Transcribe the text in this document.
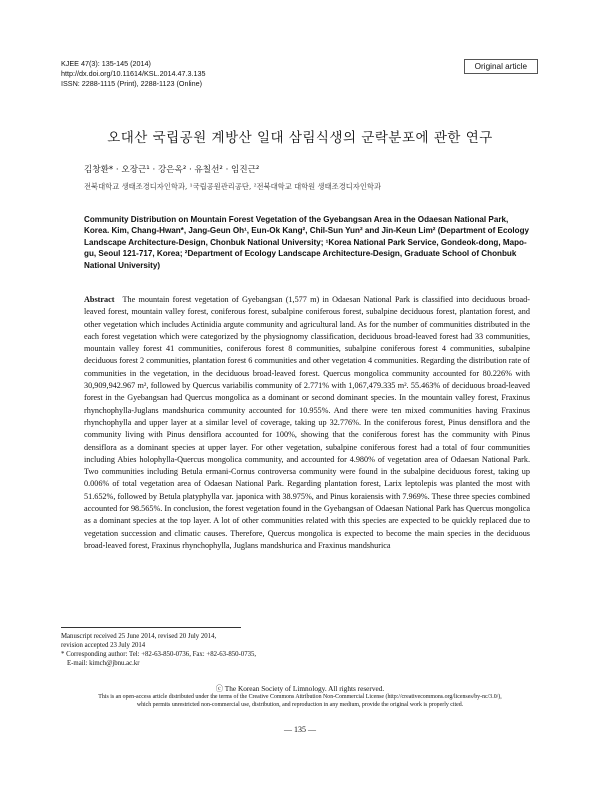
KJEE 47(3): 135-145 (2014)
http://dx.doi.org/10.11614/KSL.2014.47.3.135
ISSN: 2288-1115 (Print), 2288-1123 (Online)
Original article
오대산 국립공원 계방산 일대 삼림식생의 군락분포에 관한 연구
김창환* · 오장근¹ · 강은옥² · 유칠선² · 임진근²
전북대학교 생태조경디자인학과, ¹국립공원관리공단, ²전북대학교 대학원 생태조경디자인학과

Community Distribution on Mountain Forest Vegetation of the Gyebangsan Area in the Odaesan National Park, Korea. Kim, Chang-Hwan*, Jang-Geun Oh¹, Eun-Ok Kang², Chil-Sun Yun² and Jin-Keun Lim² (Department of Ecology Landscape Architecture-Design, Chonbuk National University; ¹Korea National Park Service, Gondeok-dong, Mapo-gu, Seoul 121-717, Korea; ²Department of Ecology Landscape Architecture-Design, Graduate School of Chonbuk National University)

Abstract The mountain forest vegetation of Gyebangsan (1,577 m) in Odaesan National Park is classified into deciduous broad-leaved forest, mountain valley forest, coniferous forest, subalpine coniferous forest, subalpine deciduous forest, plantation forest, and other vegetation which includes Actinidia argute community and agricultural land. As for the number of communities distributed in the each forest vegetation which were categorized by the physiognomy classification, deciduous broad-leaved forest had 33 communities, mountain valley forest 41 communities, coniferous forest 8 communities, subalpine coniferous forest 4 communities, subalpine deciduous forest 2 communities, plantation forest 6 communities and other vegetation 4 communities. Regarding the distribution rate of communities in the vegetation, in the deciduous broad-leaved forest. Quercus mongolica community accounted for 80.226% with 30,909,942.967 m², followed by Quercus variabilis community of 2.771% with 1,067,479.335 m². 55.463% of deciduous broad-leaved forest in the Gyebangsan had Quercus mongolica as a dominant or second dominant species. In the mountain valley forest, Fraxinus rhynchophylla-Juglans mandshurica community accounted for 10.955%. And there were ten mixed communities having Fraxinus rhynchophylla and upper layer at a similar level of coverage, taking up 32.776%. In the coniferous forest, Pinus densiflora and the community living with Pinus densiflora accounted for 100%, showing that the coniferous forest has the community with Pinus densiflora as a dominant species at upper layer. For other vegetation, subalpine coniferous forest had a total of four communities including Abies holophylla-Quercus mongolica community, and accounted for 4.980% of vegetation area of Odaesan National Park. Two communities including Betula ermani-Cornus controversa community were found in the subalpine deciduous forest, taking up 0.006% of total vegetation area of Odaesan National Park. Regarding plantation forest, Larix leptolepis was planted the most with 51.652%, followed by Betula platyphylla var. japonica with 38.975%, and Pinus koraiensis with 7.969%. These three species combined accounted for 98.565%. In conclusion, the forest vegetation found in the Gyebangsan of Odaesan National Park has Quercus mongolica as a dominant species at the top layer. A lot of other communities related with this species are expected to be quickly replaced due to vegetation succession and climatic causes. Therefore, Quercus mongolica is expected to become the main species in the deciduous broad-leaved forest, Fraxinus rhynchophylla, Juglans mandshurica and Fraxinus mandshurica

Manuscript received 25 June 2014, revised 20 July 2014,
revision accepted 23 July 2014
* Corresponding author: Tel: +82-63-850-0736, Fax: +82-63-850-0735,
E-mail: kimch@jbnu.ac.kr
ⓒ The Korean Society of Limnology. All rights reserved.

This is an open-access article distributed under the terms of the Creative Commons Attribution Non-Commercial License (http://creativecommons.org/licenses/by-nc/3.0/),
which permits unrestricted non-commercial use, distribution, and reproduction in any medium, provide the original work is properly cited.

— 135 —
